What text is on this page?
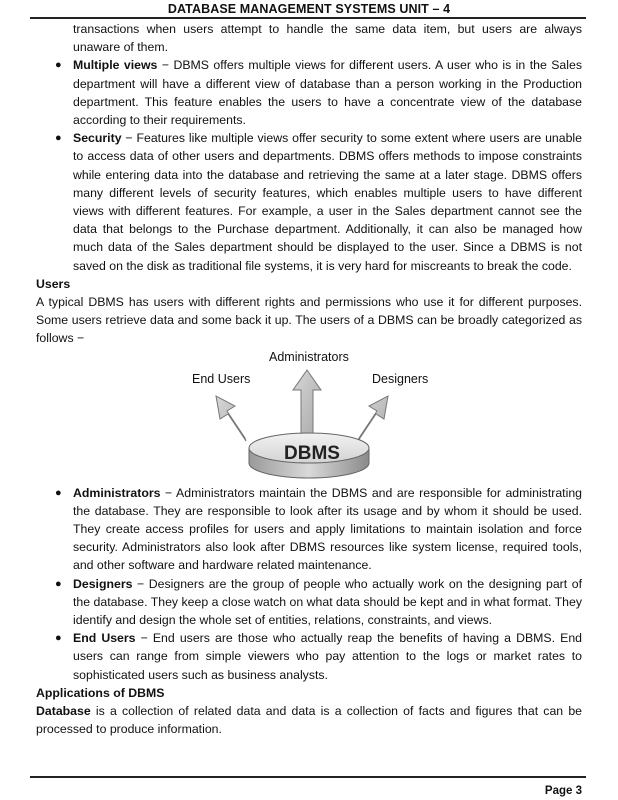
DATABASE MANAGEMENT SYSTEMS UNIT – 4

transactions when users attempt to handle the same data item, but users are always unaware of them.

● Multiple views − DBMS offers multiple views for different users. A user who is in the Sales department will have a different view of database than a person working in the Production department. This feature enables the users to have a concentrate view of the database according to their requirements.
● Security − Features like multiple views offer security to some extent where users are unable to access data of other users and departments. DBMS offers methods to impose constraints while entering data into the database and retrieving the same at a later stage. DBMS offers many different levels of security features, which enables multiple users to have different views with different features. For example, a user in the Sales department cannot see the data that belongs to the Purchase department. Additionally, it can also be managed how much data of the Sales department should be displayed to the user. Since a DBMS is not saved on the disk as traditional file systems, it is very hard for miscreants to break the code.

Users

A typical DBMS has users with different rights and permissions who use it for different purposes. Some users retrieve data and some back it up. The users of a DBMS can be broadly categorized as follows −

Administrators
End Users	Designers
DBMS
● Administrators − Administrators maintain the DBMS and are responsible for administrating the database. They are responsible to look after its usage and by whom it should be used. They create access profiles for users and apply limitations to maintain isolation and force security. Administrators also look after DBMS resources like system license, required tools, and other software and hardware related maintenance.
● Designers − Designers are the group of people who actually work on the designing part of the database. They keep a close watch on what data should be kept and in what format. They identify and design the whole set of entities, relations, constraints, and views.
● End Users − End users are those who actually reap the benefits of having a DBMS. End users can range from simple viewers who pay attention to the logs or market rates to sophisticated users such as business analysts.

Applications of DBMS

Database is a collection of related data and data is a collection of facts and figures that can be processed to produce information.

Page 3
